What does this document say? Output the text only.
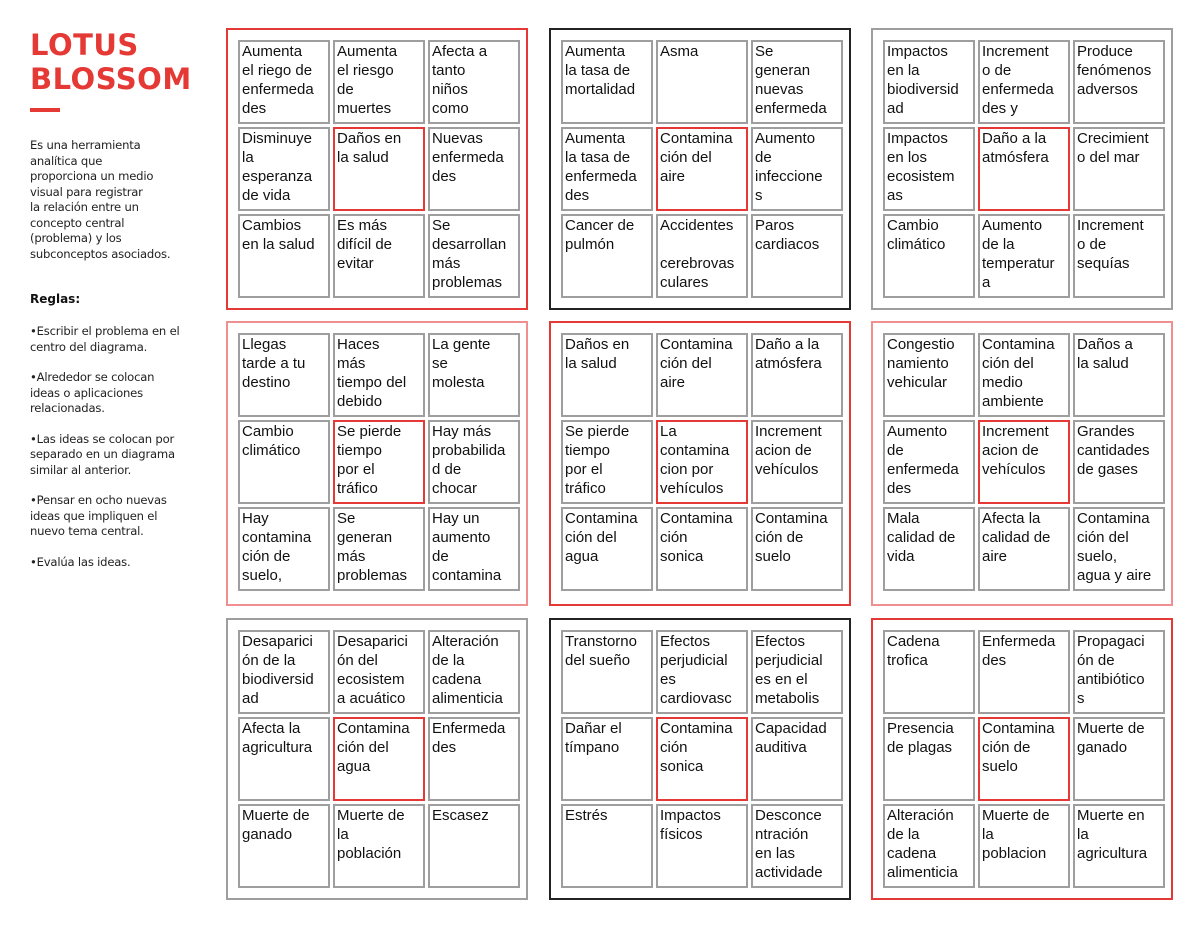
LOTUS
BLOSSOM

Es una herramienta
analítica que
proporciona un medio
visual para registrar
la relación entre un
concepto central
(problema) y los
subconceptos asociados.

Reglas:

•Escribir el problema en el
centro del diagrama.

•Alrededor se colocan
ideas o aplicaciones
relacionadas.

•Las ideas se colocan por
separado en un diagrama
similar al anterior.

•Pensar en ocho nuevas
ideas que impliquen el
nuevo tema central.

•Evalúa las ideas.

Aumenta
el riego de
enfermeda
des
Aumenta
el riesgo
de
muertes
Afecta a
tanto
niños
como
Disminuye
la
esperanza
de vida
Daños en
la salud
Nuevas
enfermeda
des
Cambios
en la salud
Es más
difícil de
evitar
Se
desarrollan
más
problemas
Aumenta
la tasa de
mortalidad
Asma	Se
generan
nuevas
enfermeda
Aumenta
la tasa de
enfermeda
des
Contamina
ción del
aire
Aumento
de
infeccione
s
Cancer de
pulmón
Accidentes

cerebrovas
culares
Paros
cardiacos
Impactos
en la
biodiversid
ad
Increment
o de
enfermeda
des y
Produce
fenómenos
adversos
Impactos
en los
ecosistem
as
Daño a la
atmósfera
Crecimient
o del mar
Cambio
climático
Aumento
de la
temperatur
a
Increment
o de
sequías
Llegas
tarde a tu
destino
Haces
más
tiempo del
debido
La gente
se
molesta
Cambio
climático
Se pierde
tiempo
por el
tráfico
Hay más
probabilida
d de
chocar
Hay
contamina
ción de
suelo,
Se
generan
más
problemas
Hay un
aumento
de
contamina
Daños en
la salud
Contamina
ción del
aire
Daño a la
atmósfera
Se pierde
tiempo
por el
tráfico
La
contamina
cion por
vehículos
Increment
acion de
vehículos
Contamina
ción del
agua
Contamina
ción
sonica
Contamina
ción de
suelo
Congestio
namiento
vehicular
Contamina
ción del
medio
ambiente
Daños a
la salud
Aumento
de
enfermeda
des
Increment
acion de
vehículos
Grandes
cantidades
de gases
Mala
calidad de
vida
Afecta la
calidad de
aire
Contamina
ción del
suelo,
agua y aire
Desaparici
ón de la
biodiversid
ad
Desaparici
ón del
ecosistem
a acuático
Alteración
de la
cadena
alimenticia
Afecta la
agricultura
Contamina
ción del
agua
Enfermeda
des
Muerte de
ganado
Muerte de
la
población
Escasez
Transtorno
del sueño
Efectos
perjudicial
es
cardiovasc
Efectos
perjudicial
es en el
metabolis
Dañar el
tímpano
Contamina
ción
sonica
Capacidad
auditiva
Estrés	Impactos
físicos
Desconce
ntración
en las
actividade
Cadena
trofica
Enfermeda
des
Propagaci
ón de
antibiótico
s
Presencia
de plagas
Contamina
ción de
suelo
Muerte de
ganado
Alteración
de la
cadena
alimenticia
Muerte de
la
poblacion
Muerte en
la
agricultura
